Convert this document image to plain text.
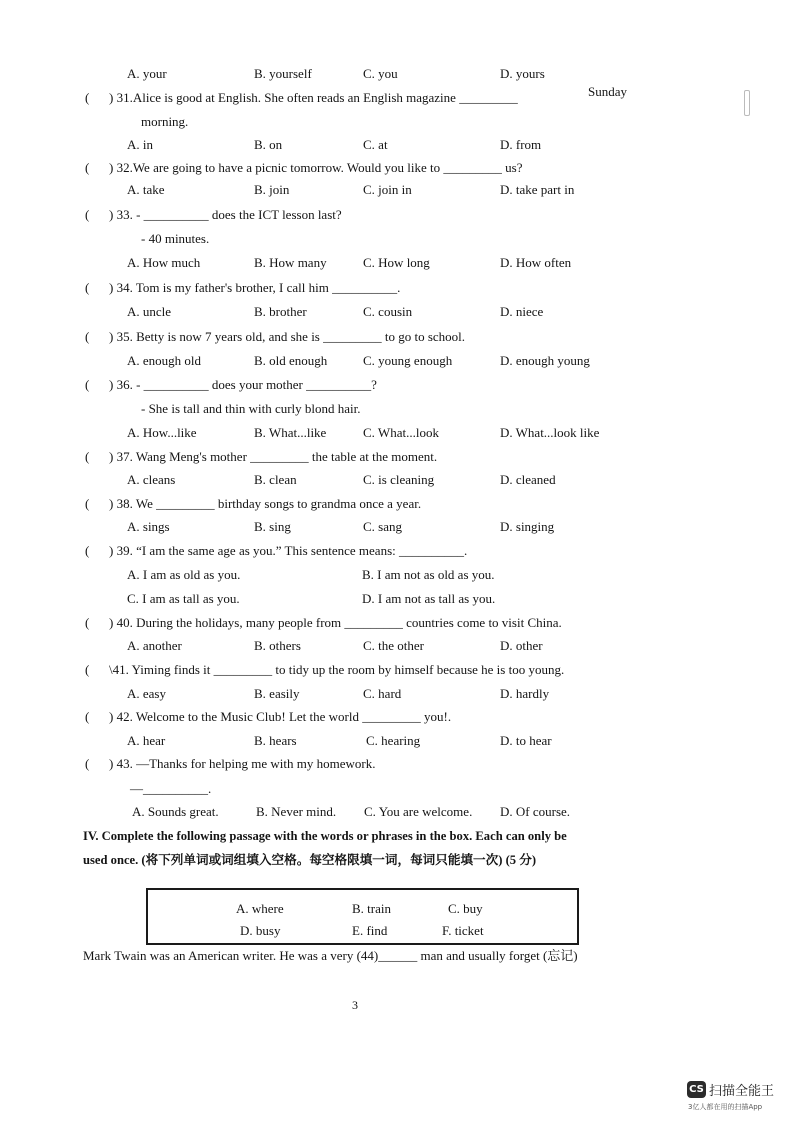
A. your	B. yourself	C. you	D. yours
( ) 31.Alice is good at English. She often reads an English magazine _________	Sunday
morning.
A. in	B. on	C. at	D. from
( ) 32.We are going to have a picnic tomorrow. Would you like to _________ us?
A. take	B. join	C. join in	D. take part in
( ) 33. - __________ does the ICT lesson last?
- 40 minutes.
A. How much	B. How many	C. How long	D. How often
( ) 34. Tom is my father's brother, I call him __________.
A. uncle	B. brother	C. cousin	D. niece
( ) 35. Betty is now 7 years old, and she is _________ to go to school.
A. enough old	B. old enough	C. young enough	D. enough young
( ) 36. - __________ does your mother __________?
- She is tall and thin with curly blond hair.
A. How...like	B. What...like	C. What...look	D. What...look like
( ) 37. Wang Meng's mother _________ the table at the moment.
A. cleans	B. clean	C. is cleaning	D. cleaned
( ) 38. We _________ birthday songs to grandma once a year.
A. sings	B. sing	C. sang	D. singing
( ) 39. “I am the same age as you.” This sentence means: __________.
A. I am as old as you.	B. I am not as old as you.
C. I am as tall as you.	D. I am not as tall as you.
( ) 40. During the holidays, many people from _________ countries come to visit China.
A. another	B. others	C. the other	D. other
( \41. Yiming finds it _________ to tidy up the room by himself because he is too young.
A. easy	B. easily	C. hard	D. hardly
( ) 42. Welcome to the Music Club! Let the world _________ you!.
A. hear	B. hears	C. hearing	D. to hear
( ) 43. —Thanks for helping me with my homework.
—__________.
A. Sounds great.	B. Never mind. C. You are welcome. D. Of course.
IV. Complete the following passage with the words or phrases in the box. Each can only be
used once. (将下列单词或词组填入空格。每空格限填一词，每词只能填一次) (5 分)
A. where	B. train	C. buy
D. busy	E. find	F. ticket
Mark Twain was an American writer. He was a very (44)______ man and usually forget (忘记)
3
CS 扫描全能王
3亿人都在用的扫描App
